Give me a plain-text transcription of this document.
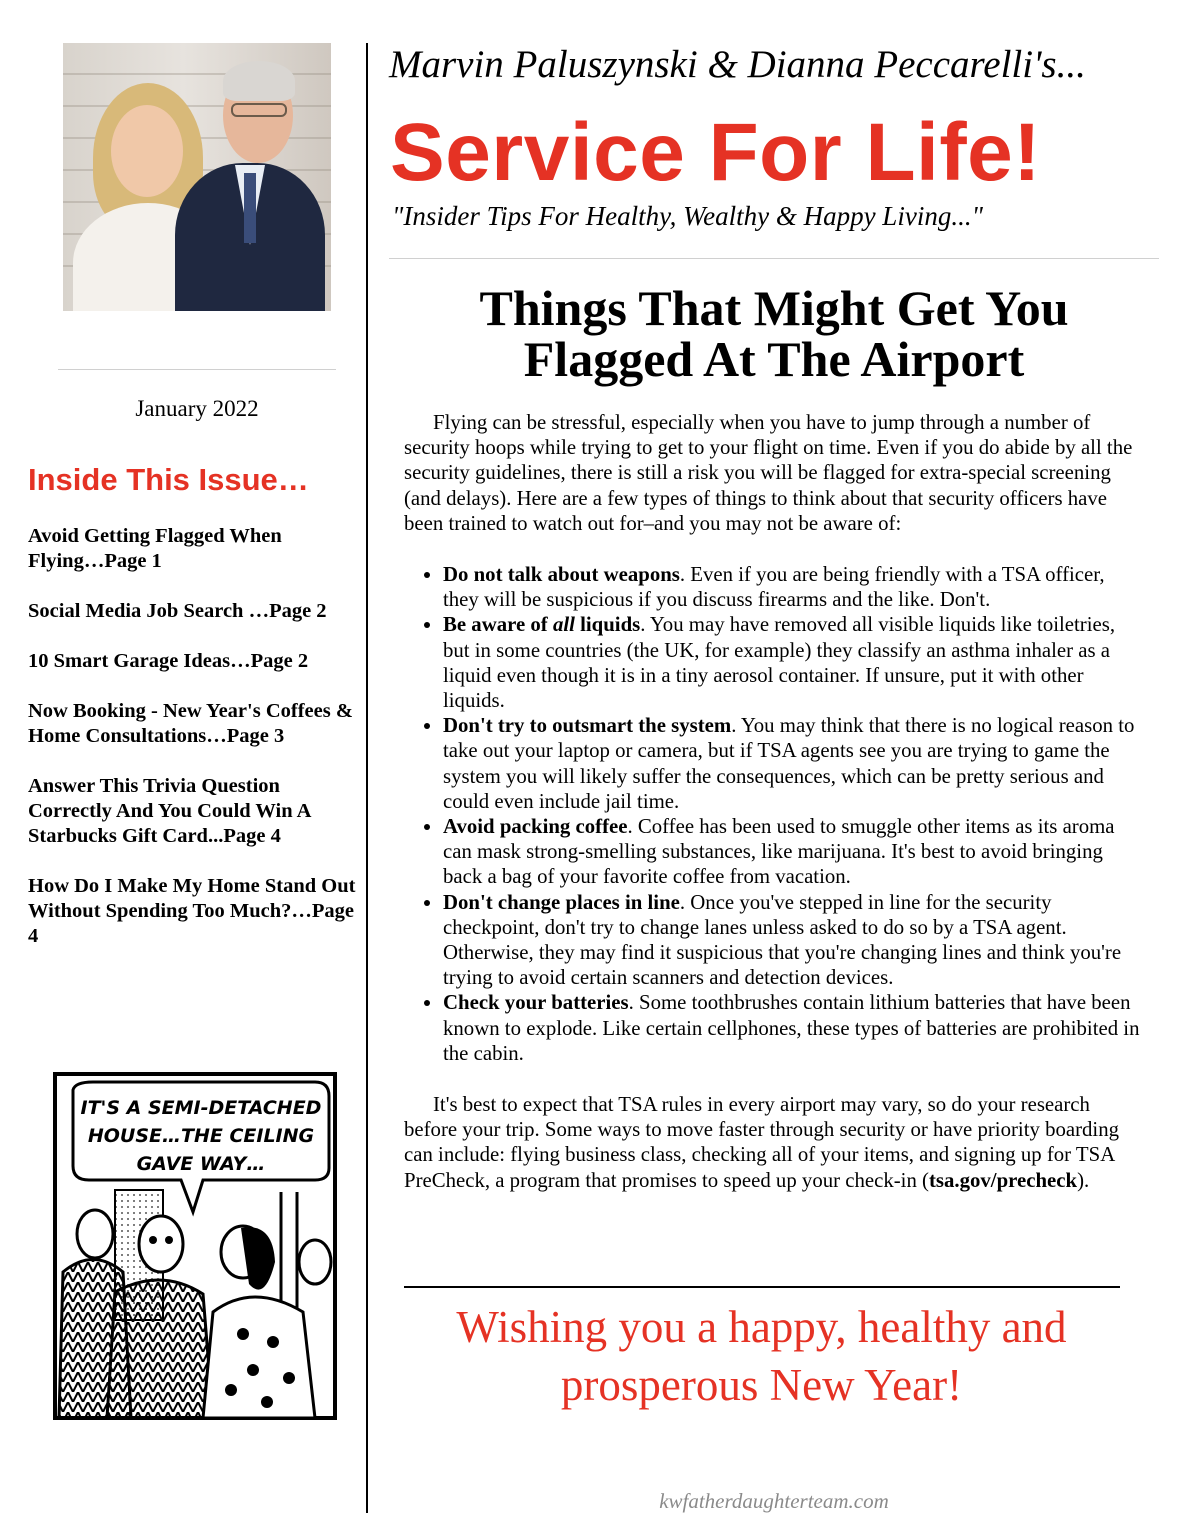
January 2022
Inside This Issue…
Avoid Getting Flagged When Flying…Page 1
Social Media Job Search …Page 2
10 Smart Garage Ideas…Page 2
Now Booking - New Year's Coffees & Home Consultations…Page 3
Answer This Trivia Question Correctly And You Could Win A Starbucks Gift Card...Page 4
How Do I Make My Home Stand Out Without Spending Too Much?…Page 4
IT'S A SEMI-DETACHED
HOUSE…THE CEILING
GAVE WAY…
Marvin Paluszynski & Dianna Peccarelli's...
Service For Life!
"Insider Tips For Healthy, Wealthy & Happy Living..."
Things That Might Get You Flagged At The Airport

Flying can be stressful, especially when you have to jump through a number of security hoops while trying to get to your flight on time. Even if you do abide by all the security guidelines, there is still a risk you will be flagged for extra-special screening (and delays). Here are a few types of things to think about that security officers have been trained to watch out for–and you may not be aware of:

• Do not talk about weapons. Even if you are being friendly with a TSA officer, they will be suspicious if you discuss firearms and the like. Don't.
• Be aware of all liquids. You may have removed all visible liquids like toiletries, but in some countries (the UK, for example) they classify an asthma inhaler as a liquid even though it is in a tiny aerosol container. If unsure, put it with other liquids.
• Don't try to outsmart the system. You may think that there is no logical reason to take out your laptop or camera, but if TSA agents see you are trying to game the system you will likely suffer the consequences, which can be pretty serious and could even include jail time.
• Avoid packing coffee. Coffee has been used to smuggle other items as its aroma can mask strong-smelling substances, like marijuana. It's best to avoid bringing back a bag of your favorite coffee from vacation.
• Don't change places in line. Once you've stepped in line for the security checkpoint, don't try to change lanes unless asked to do so by a TSA agent. Otherwise, they may find it suspicious that you're changing lines and think you're trying to avoid certain scanners and detection devices.
• Check your batteries. Some toothbrushes contain lithium batteries that have been known to explode. Like certain cellphones, these types of batteries are prohibited in the cabin.

It's best to expect that TSA rules in every airport may vary, so do your research before your trip. Some ways to move faster through security or have priority boarding can include: flying business class, checking all of your items, and signing up for TSA PreCheck, a program that promises to speed up your check-in (tsa.gov/precheck).

Wishing you a happy, healthy and prosperous New Year!
kwfatherdaughterteam.com
